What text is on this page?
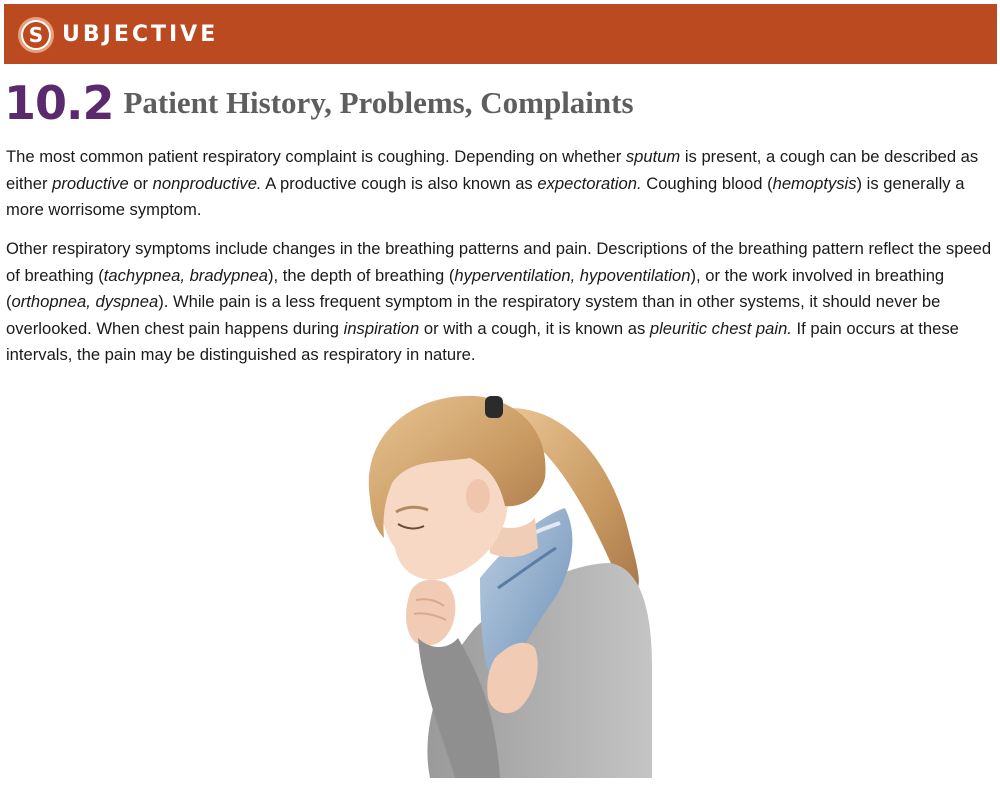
S UBJECTIVE
10.2 Patient History, Problems, Complaints

The most common patient respiratory complaint is coughing. Depending on whether sputum is present, a cough can be described as either productive or nonproductive. A productive cough is also known as expectoration. Coughing blood (hemoptysis) is generally a more worrisome symptom.

Other respiratory symptoms include changes in the breathing patterns and pain. Descriptions of the breathing pattern reflect the speed of breathing (tachypnea, bradypnea), the depth of breathing (hyperventilation, hypoventilation), or the work involved in breathing (orthopnea, dyspnea). While pain is a less frequent symptom in the respiratory system than in other systems, it should never be overlooked. When chest pain happens during inspiration or with a cough, it is known as pleuritic chest pain. If pain occurs at these intervals, the pain may be distinguished as respiratory in nature.
